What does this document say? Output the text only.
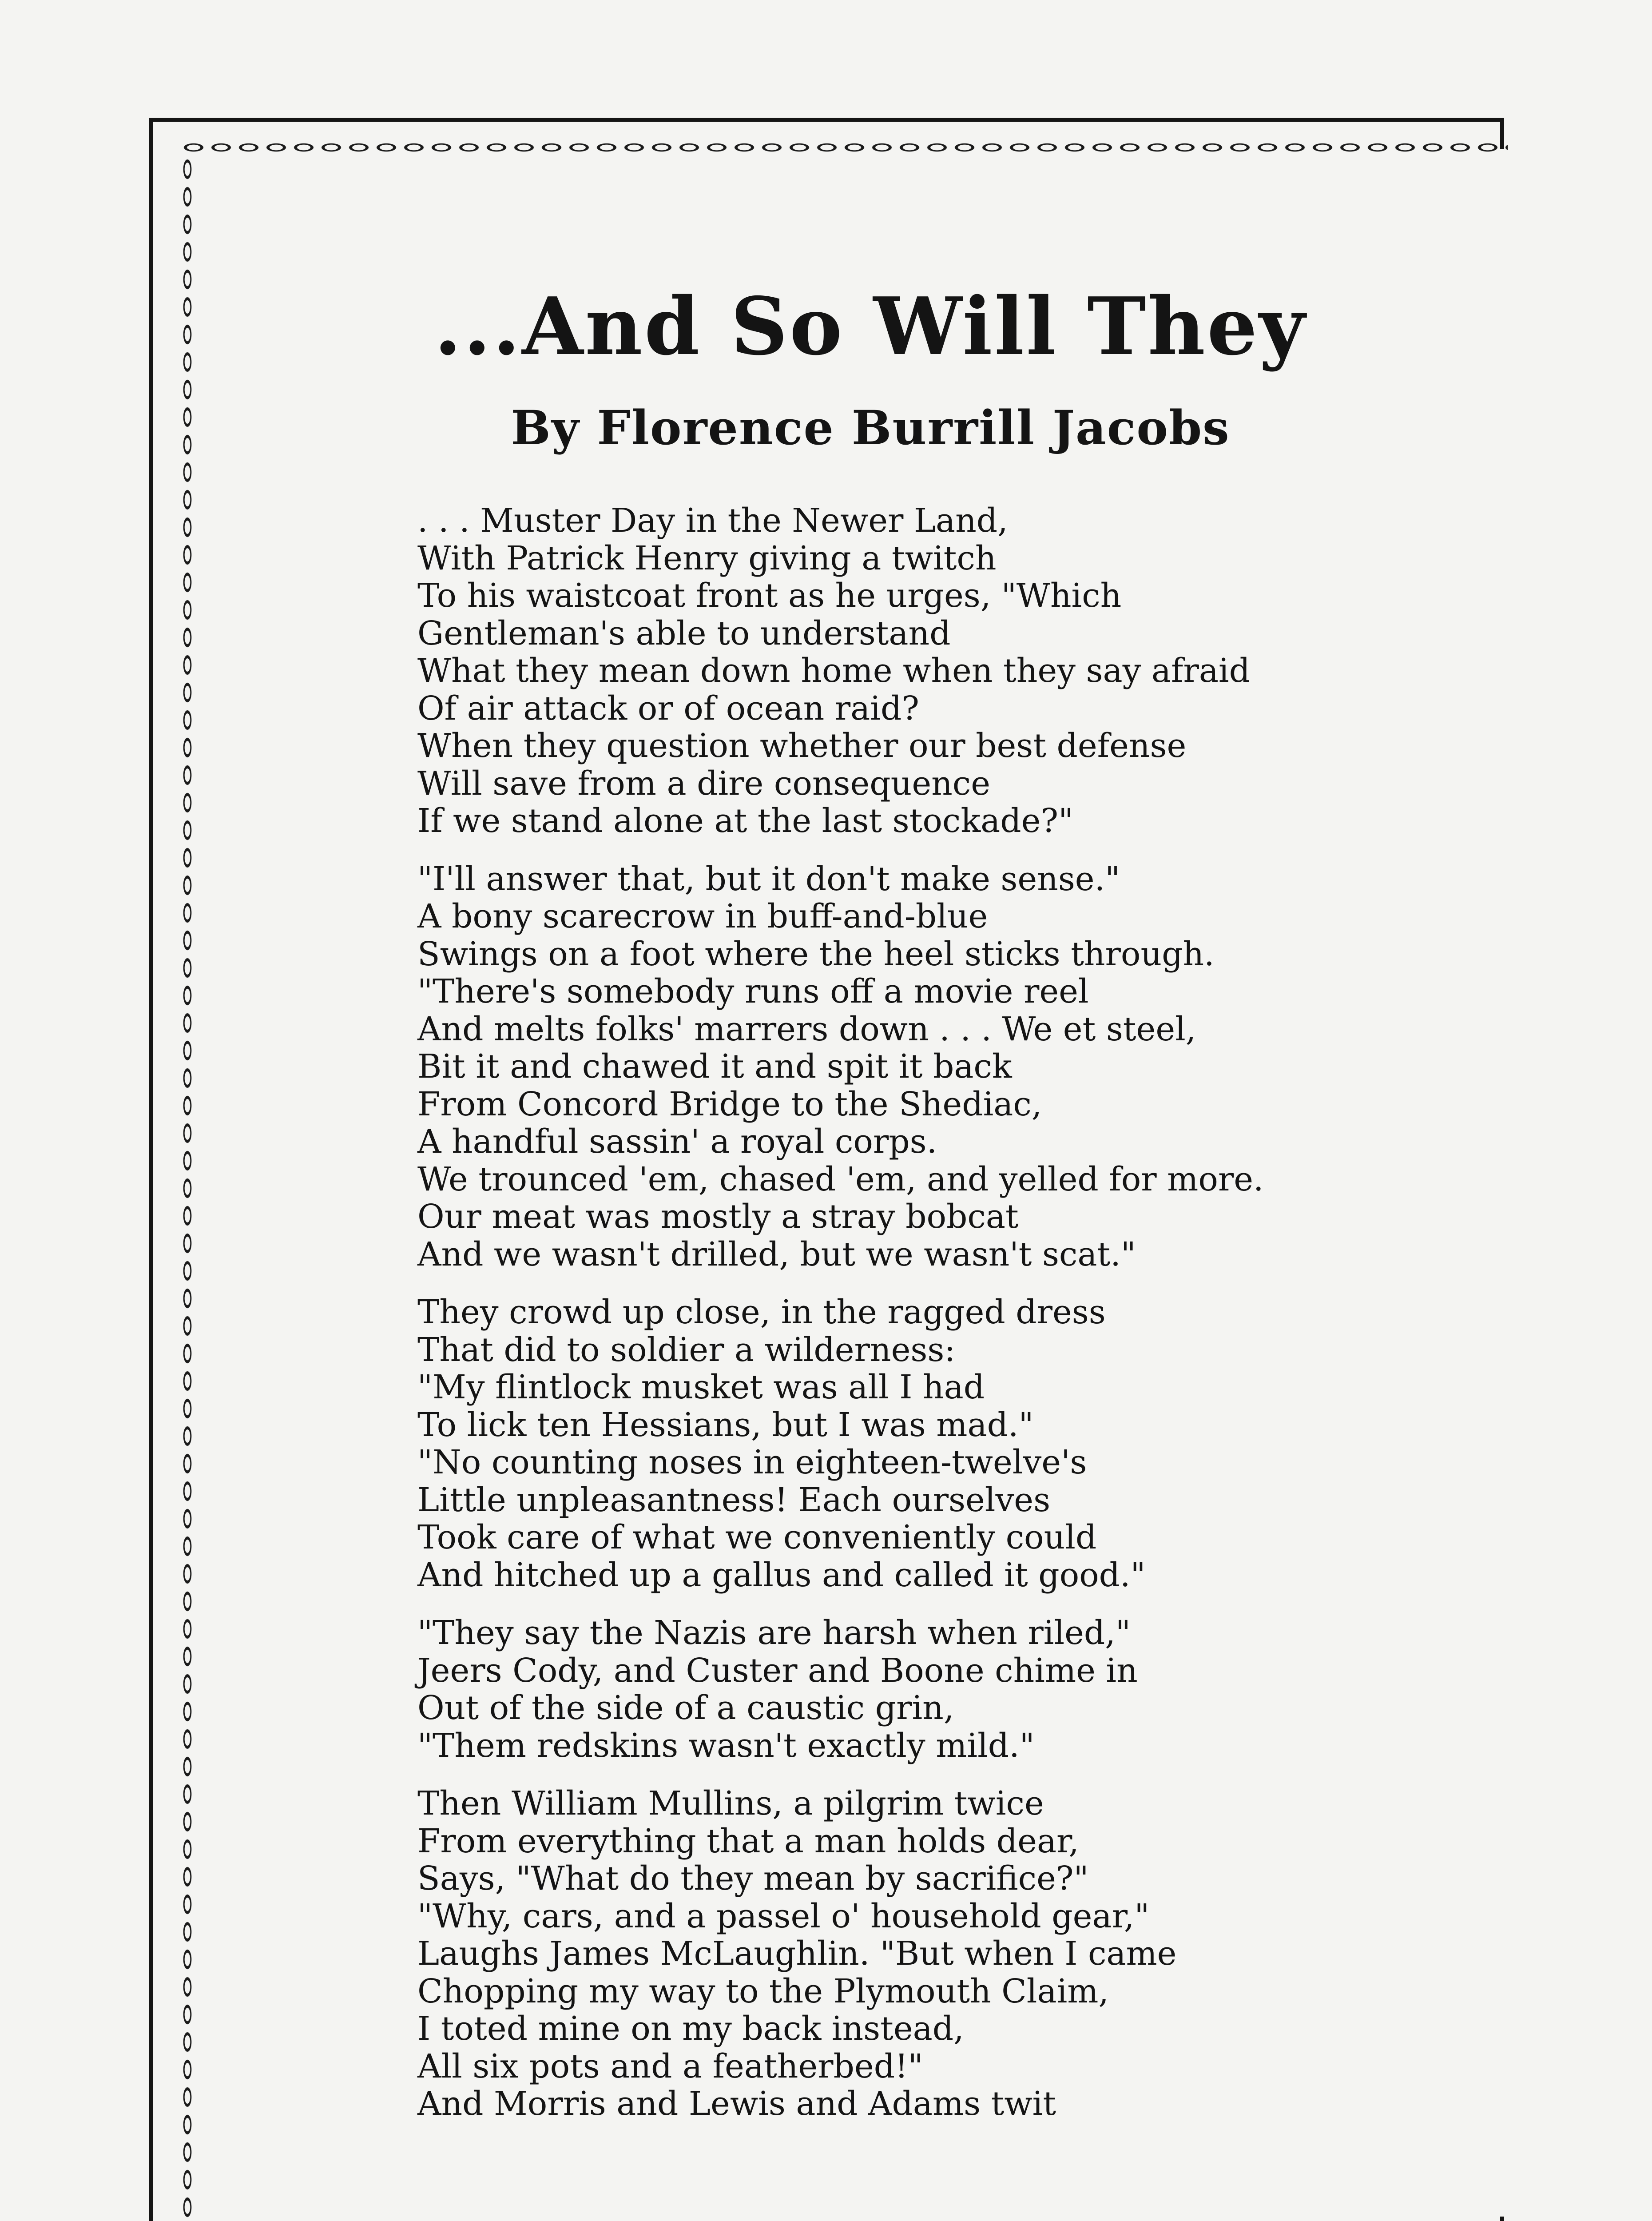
...And So Will They
By Florence Burrill Jacobs
. . . Muster Day in the Newer Land,
With Patrick Henry giving a twitch
To his waistcoat front as he urges, "Which
Gentleman's able to understand
What they mean down home when they say afraid
Of air attack or of ocean raid?
When they question whether our best defense
Will save from a dire consequence
If we stand alone at the last stockade?"
"I'll answer that, but it don't make sense."
A bony scarecrow in buff-and-blue
Swings on a foot where the heel sticks through.
"There's somebody runs off a movie reel
And melts folks' marrers down . . . We et steel,
Bit it and chawed it and spit it back
From Concord Bridge to the Shediac,
A handful sassin' a royal corps.
We trounced 'em, chased 'em, and yelled for more.
Our meat was mostly a stray bobcat
And we wasn't drilled, but we wasn't scat."
They crowd up close, in the ragged dress
That did to soldier a wilderness:
"My flintlock musket was all I had
To lick ten Hessians, but I was mad."
"No counting noses in eighteen-twelve's
Little unpleasantness! Each ourselves
Took care of what we conveniently could
And hitched up a gallus and called it good."
"They say the Nazis are harsh when riled,"
Jeers Cody, and Custer and Boone chime in
Out of the side of a caustic grin,
"Them redskins wasn't exactly mild."
Then William Mullins, a pilgrim twice
From everything that a man holds dear,
Says, "What do they mean by sacrifice?"
"Why, cars, and a passel o' household gear,"
Laughs James McLaughlin. "But when I came
Chopping my way to the Plymouth Claim,
I toted mine on my back instead,
All six pots and a featherbed!"
And Morris and Lewis and Adams twit
